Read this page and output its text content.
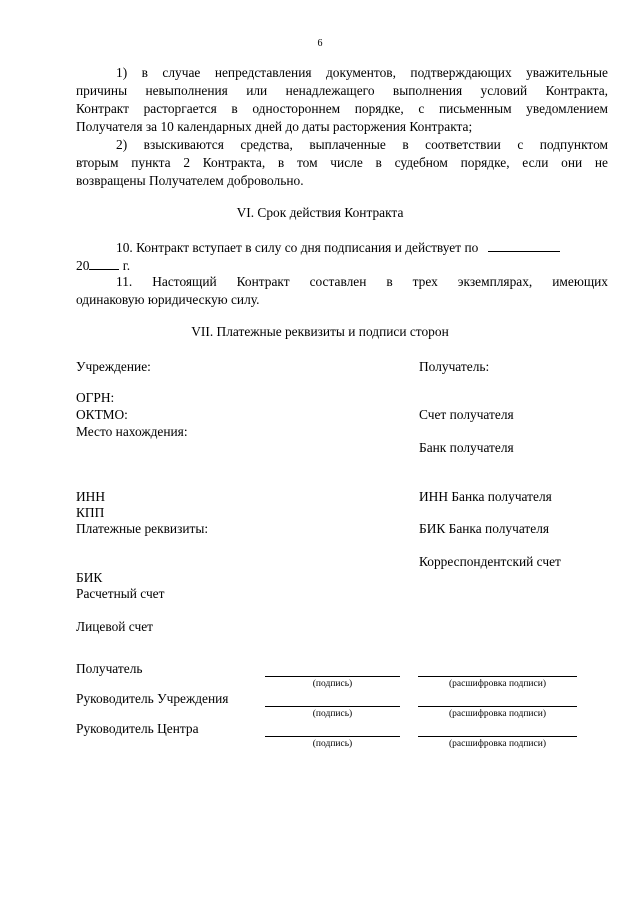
6
1) в случае непредставления документов, подтверждающих уважительные
причины невыполнения или ненадлежащего выполнения условий Контракта,
Контракт расторгается в одностороннем порядке, с письменным уведомлением
Получателя за 10 календарных дней до даты расторжения Контракта;
2) взыскиваются средства, выплаченные в соответствии с подпунктом
вторым пункта 2 Контракта, в том числе в судебном порядке, если они не
возвращены Получателем добровольно.
VI. Срок действия Контракта
10. Контракт вступает в силу со дня подписания и действует по
20 г.
11. Настоящий Контракт составлен в трех экземплярах, имеющих
одинаковую юридическую силу.
VII. Платежные реквизиты и подписи сторон
Учреждение:
ОГРН:
ОКТМО:
Место нахождения:
ИНН
КПП
Платежные реквизиты:
БИК
Расчетный счет
Лицевой счет
Получатель:
Счет получателя
Банк получателя
ИНН Банка получателя
БИК Банка получателя
Корреспондентский счет
Получатель
(подпись)	(расшифровка подписи)
Руководитель Учреждения
(подпись)	(расшифровка подписи)
Руководитель Центра
(подпись)	(расшифровка подписи)
